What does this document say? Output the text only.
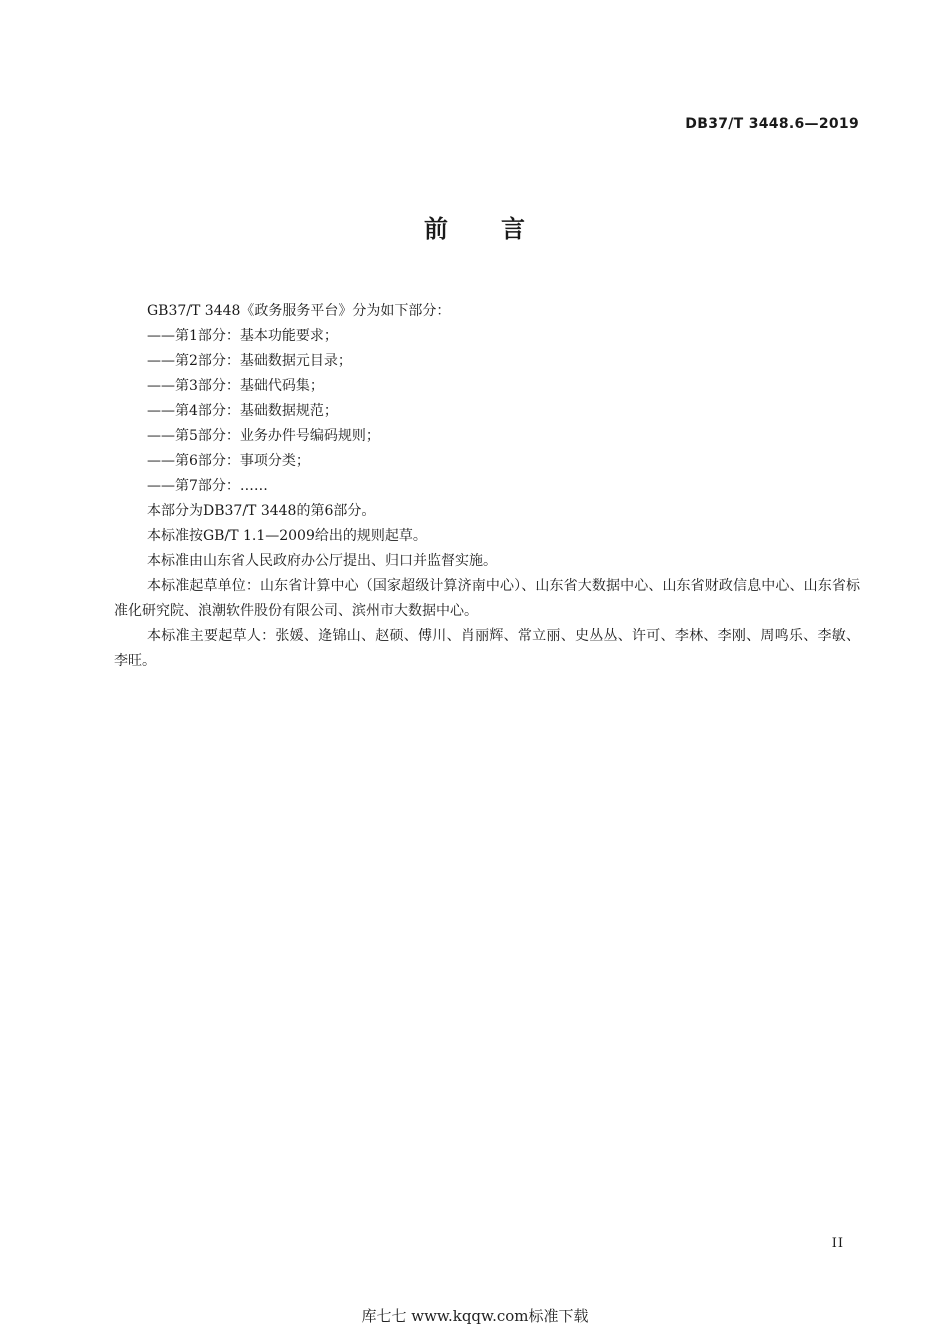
DB37/T 3448.6—2019
前 言

GB37/T 3448《政务服务平台》分为如下部分：

——第1部分：基本功能要求；

——第2部分：基础数据元目录；

——第3部分：基础代码集；

——第4部分：基础数据规范；

——第5部分：业务办件号编码规则；

——第6部分：事项分类；

——第7部分：……

本部分为DB37/T 3448的第6部分。

本标准按GB/T 1.1—2009给出的规则起草。

本标准由山东省人民政府办公厅提出、归口并监督实施。

本标准起草单位：山东省计算中心（国家超级计算济南中心）、山东省大数据中心、山东省财政信息中心、山东省标准化研究院、浪潮软件股份有限公司、滨州市大数据中心。

本标准主要起草人：张媛、逄锦山、赵硕、傅川、肖丽辉、常立丽、史丛丛、许可、李林、李刚、周鸣乐、李敏、李旺。

II
库七七 www.kqqw.com标准下载
